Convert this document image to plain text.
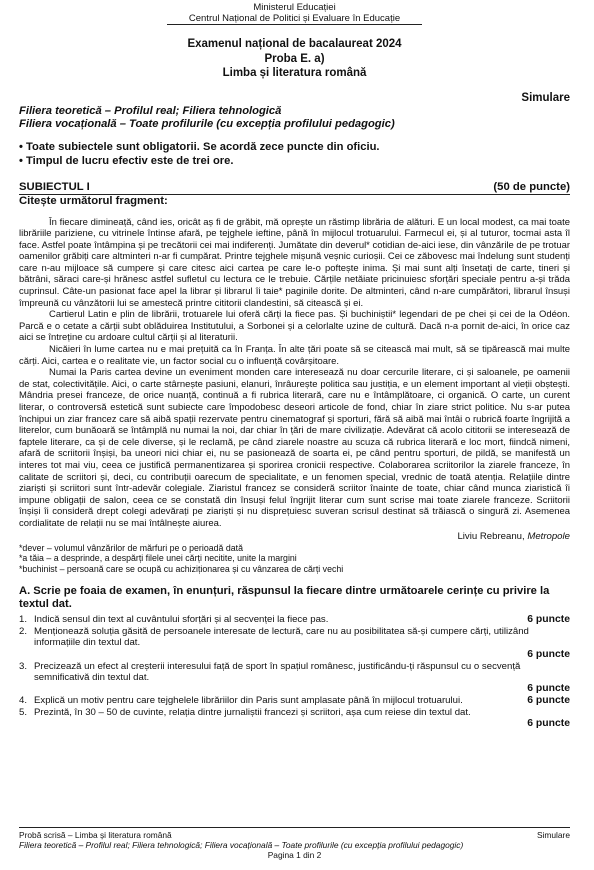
Ministerul Educației
Centrul Național de Politici și Evaluare în Educație
Examenul național de bacalaureat 2024
Proba E. a)
Limba și literatura română
Simulare
Filiera teoretică – Profilul real; Filiera tehnologică
Filiera vocațională – Toate profilurile (cu excepția profilului pedagogic)
• Toate subiectele sunt obligatorii. Se acordă zece puncte din oficiu.
• Timpul de lucru efectiv este de trei ore.
SUBIECTUL I	(50 de puncte)
Citește următorul fragment:

În fiecare dimineață, când ies, oricât aș fi de grăbit, mă oprește un răstimp librăria de alături. E un local modest, ca mai toate librăriile pariziene, cu vitrinele întinse afară, pe tejghele ieftine, până în mijlocul trotuarului. Farmecul ei, și al tuturor, tocmai asta îl face. Astfel poate întâmpina și pe trecătorii cei mai indiferenți. Jumătate din deverul* cotidian de-aici iese, din vânzările de pe trotuar oamenilor grăbiți care altminteri n-ar fi cumpărat. Printre tejghele mișună veșnic curioșii. Cei ce zăbovesc mai îndelung sunt studenți care n-au mijloace să cumpere și care citesc aici cartea pe care le-o poftește inima. Și mai sunt alți însetați de carte, tineri și bătrâni, săraci care-și hrănesc astfel sufletul cu lectura ce le trebuie. Cărțile netăiate pricinuiesc sforțări speciale pentru a-și trăda cuprinsul. Câte-un pasionat face apel la librar și librarul îi taie* paginile dorite. De altminteri, când n-are cumpărători, librarul însuși împreună cu vânzătorii lui se amestecă printre cititorii clandestini, să citească și ei.

Cartierul Latin e plin de librării, trotuarele lui oferă cărți la fiece pas. Și buchiniștii* legendari de pe chei și cei de la Odéon. Parcă e o cetate a cărții subt oblăduirea Institutului, a Sorbonei și a celorlalte uzine de cultură. Dacă n-a pornit de-aici, în orice caz aici se întreține cu ardoare cultul cărții și al literaturii.

Nicăieri în lume cartea nu e mai prețuită ca în Franța. În alte țări poate să se citească mai mult, să se tipărească mai multe cărți. Aici, cartea e o realitate vie, un factor social cu o influență covârșitoare.

Numai la Paris cartea devine un eveniment monden care interesează nu doar cercurile literare, ci și saloanele, pe oamenii de stat, colectivitățile. Aici, o carte stârnește pasiuni, elanuri, înrâurește politica sau justiția, e un element important al vieții obștești. Mândria presei franceze, de orice nuanță, continuă a fi rubrica literară, care nu e întâmplătoare, ci organică. O carte, un curent literar, o controversă estetică sunt subiecte care împodobesc deseori articole de fond, chiar în ziare strict politice. Nu s-ar putea închipui un ziar francez care să aibă spații rezervate pentru cinematograf și sporturi, fără să aibă mai întâi o rubrică foarte îngrijită a literelor, cum bunăoară se întâmplă nu numai la noi, dar chiar în țări de mare civilizație. Adevărat că acolo cititorii se interesează de faptele literare, ca și de cele diverse, și le reclamă, pe când ziarele noastre au scuza că rubrica literară e loc mort, fiindcă nimeni, afară de scriitorii înșiși, ba uneori nici chiar ei, nu se pasionează de soarta ei, pe când pentru sporturi, de pildă, se manifestă un interes tot mai viu, ceea ce justifică permanentizarea și sporirea cronicii respective. Colaborarea scriitorilor la ziarele franceze, în calitate de scriitori și, deci, cu contribuții oarecum de specialitate, e un fenomen special, vrednic de toată atenția. Relațiile dintre ziariști și scriitori sunt într-adevăr colegiale. Ziaristul francez se consideră scriitor înainte de toate, chiar când munca ziaristică îi impune obligații de salon, ceea ce se constată din însuși felul îngrijit literar cum sunt scrise mai toate ziarele franceze. Scriitorii înșiși îi consideră drept colegi adevărați pe ziariști și nu disprețuiesc suveran scrisul destinat să trăiască o singură zi. Asemenea cordialitate de relații nu se mai întâlnește aiurea.

Liviu Rebreanu, Metropole
*dever – volumul vânzărilor de mărfuri pe o perioadă dată
*a tăia – a desprinde, a despărți filele unei cărți necitite, unite la margini
*buchinist – persoană care se ocupă cu achiziționarea și cu vânzarea de cărți vechi
A. Scrie pe foaia de examen, în enunțuri, răspunsul la fiecare dintre următoarele cerințe cu privire la textul dat.
1.	6 puncte
Indică sensul din text al cuvântului sforțări și al secvenței la fiece pas.
2. Menționează soluția găsită de persoanele interesate de lectură, care nu au posibilitatea să-și cumpere cărți, utilizând informațiile din textul dat.
6 puncte
3. Precizează un efect al creșterii interesului față de sport în spațiul românesc, justificându-ți răspunsul cu o secvență semnificativă din textul dat.
6 puncte
4.	6 puncte
Explică un motiv pentru care tejghelele librăriilor din Paris sunt amplasate până în mijlocul trotuarului.
5. Prezintă, în 30 – 50 de cuvinte, relația dintre jurnaliștii francezi și scriitori, așa cum reiese din textul dat.
6 puncte
Probă scrisă – Limba și literatura română	Simulare
Filiera teoretică – Profilul real; Filiera tehnologică; Filiera vocațională – Toate profilurile (cu excepția profilului pedagogic)
Pagina 1 din 2
